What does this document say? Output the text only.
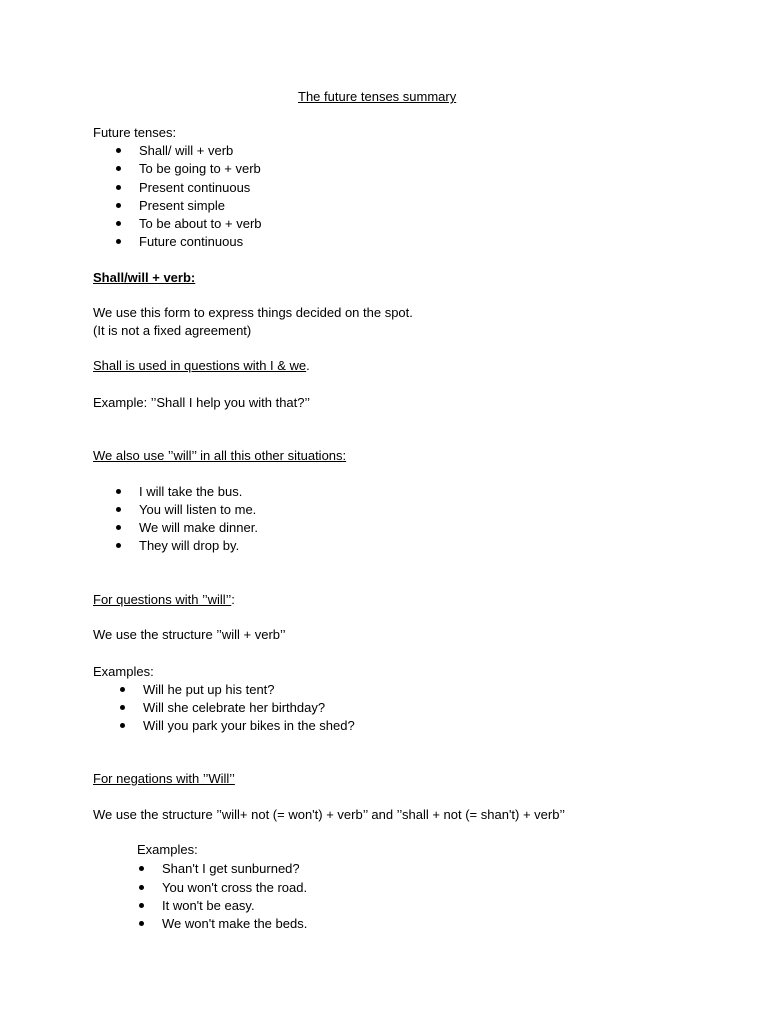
The future tenses summary
Future tenses:
Shall/ will + verb
To be going to + verb
Present continuous
Present simple
To be about to + verb
Future continuous
Shall/will + verb:
We use this form to express things decided on the spot.
(It is not a fixed agreement)
Shall is used in questions with I & we.
Example: ’’Shall I help you with that?’’
We also use ’’will’’ in all this other situations:
I will take the bus.
You will listen to me.
We will make dinner.
They will drop by.
For questions with ’’will’’:
We use the structure ’’will + verb’’
Examples:
Will he put up his tent?
Will she celebrate her birthday?
Will you park your bikes in the shed?
For negations with ’’Will’’
We use the structure ’’will+ not (= won't) + verb’’ and ’’shall + not (= shan't) + verb’’
Examples:
Shan't I get sunburned?
You won't cross the road.
It won't be easy.
We won't make the beds.
